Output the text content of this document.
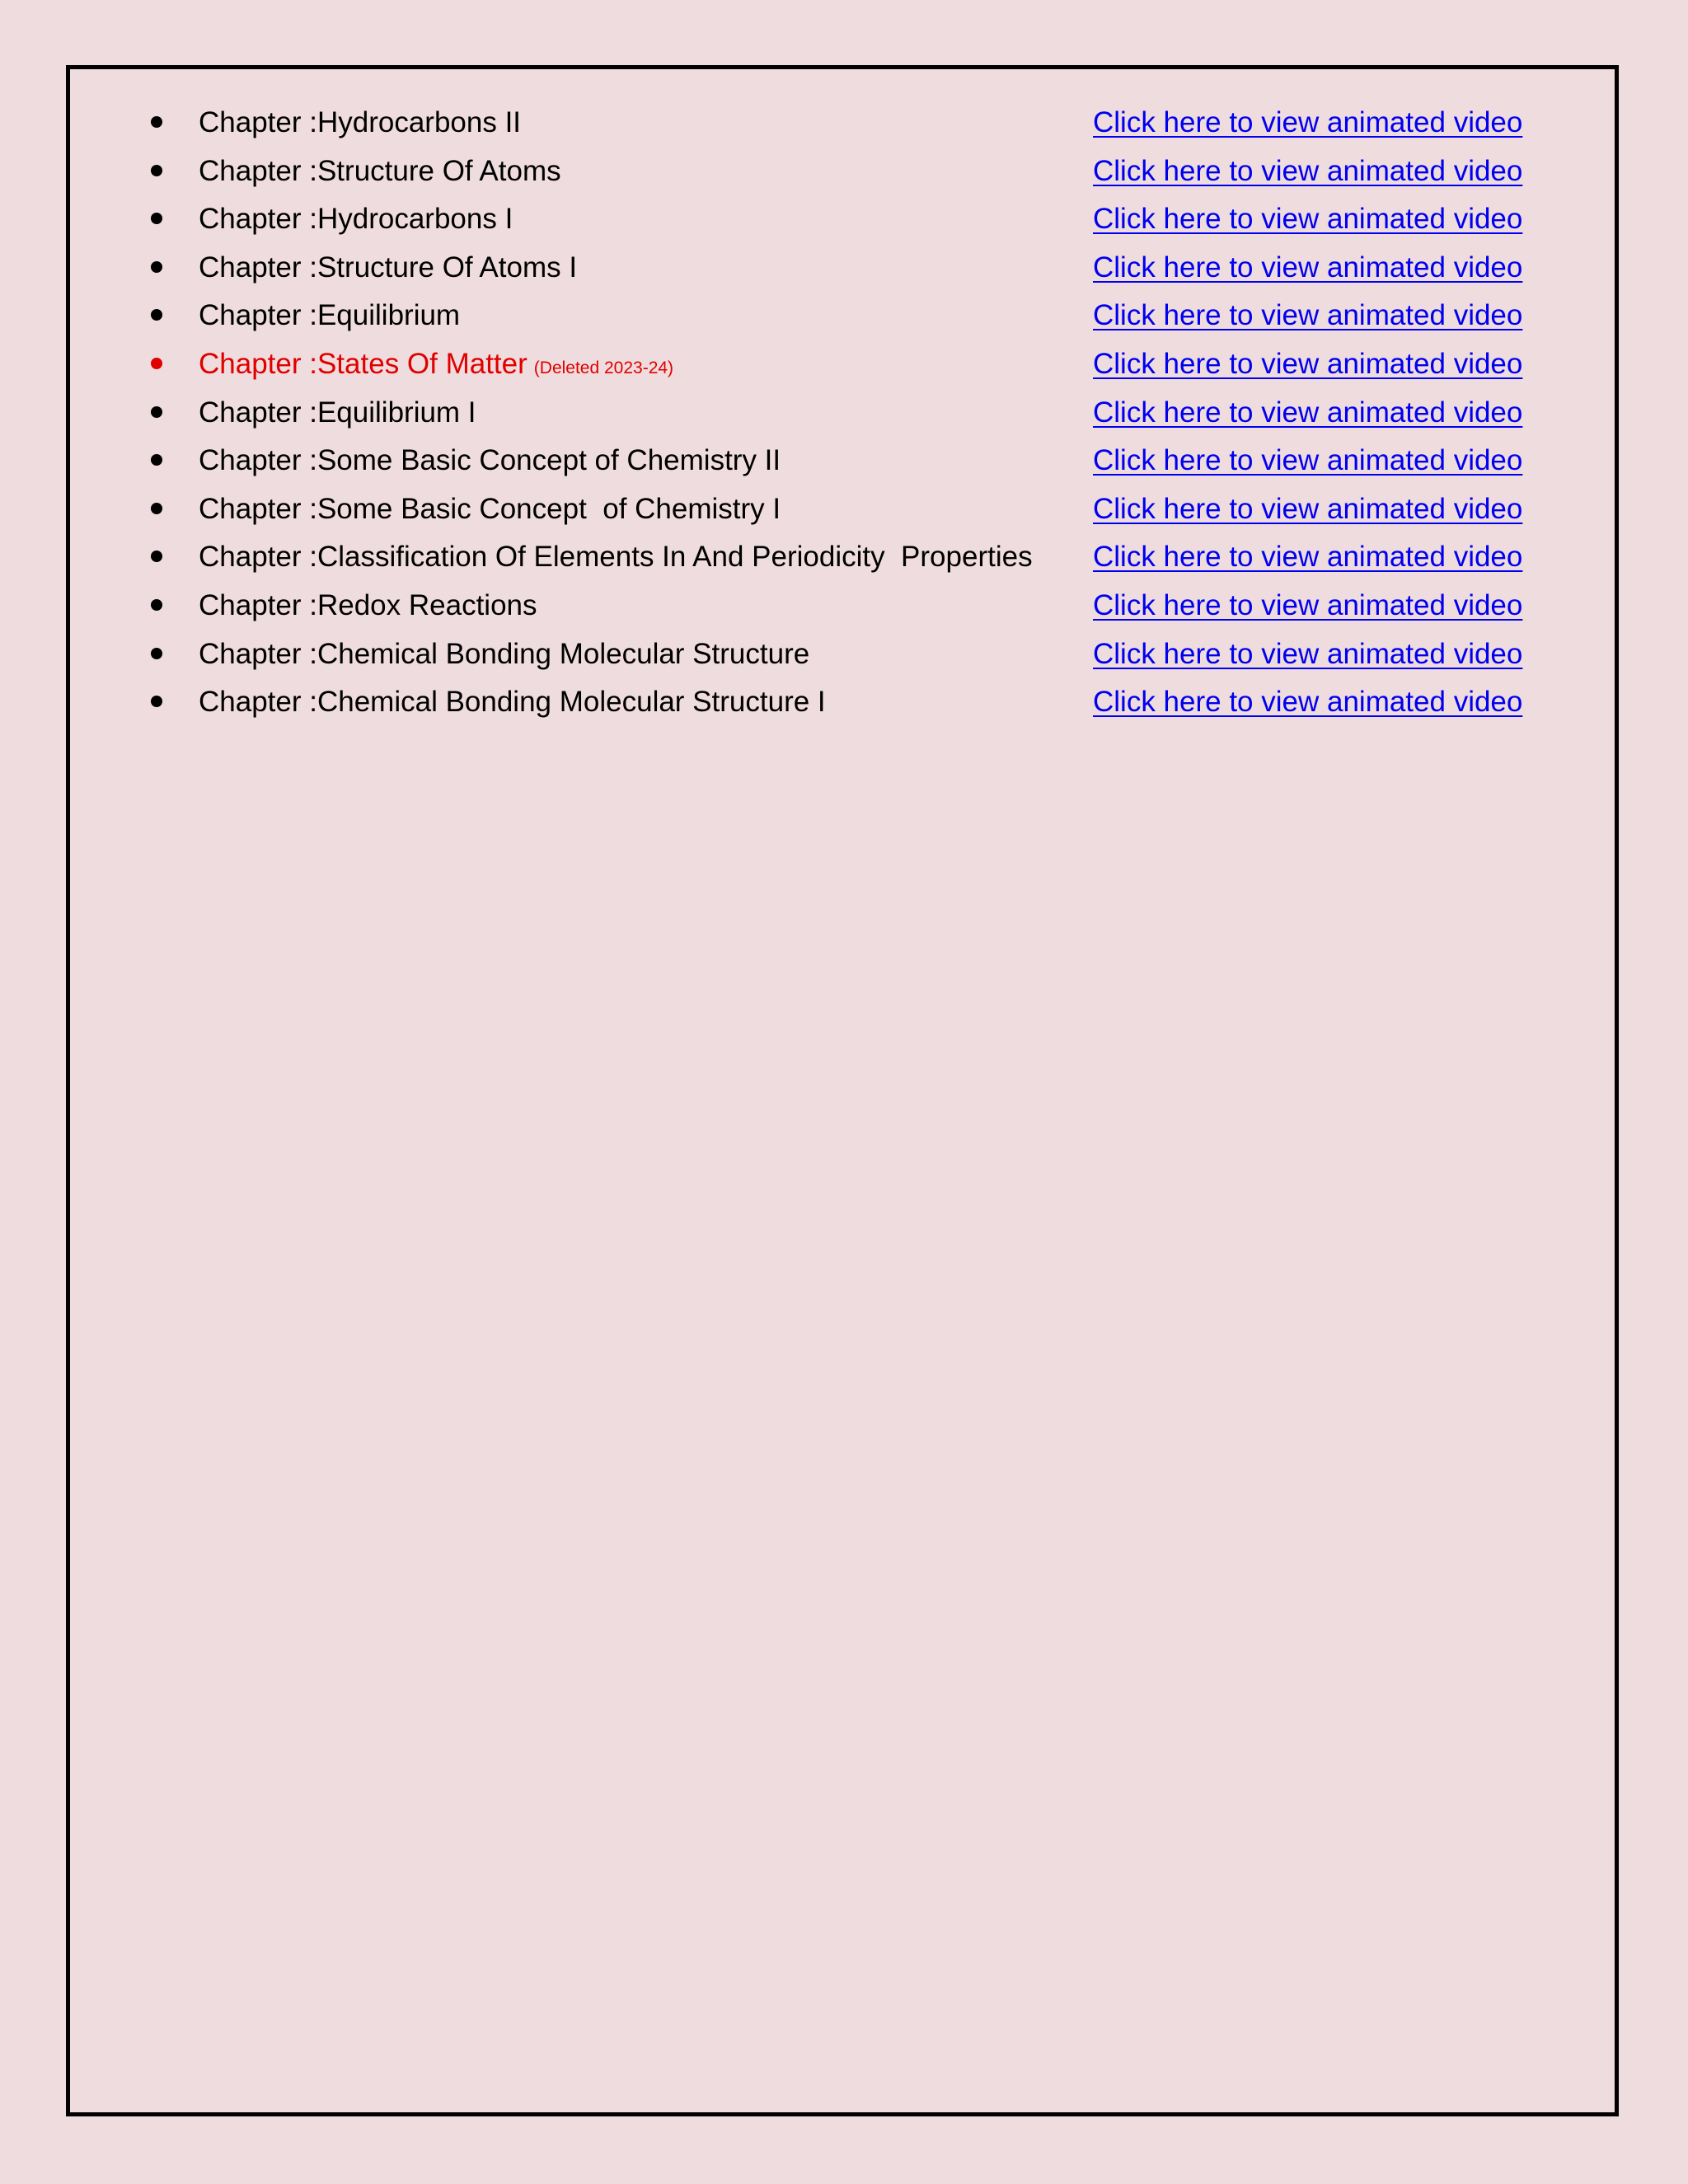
Chapter :Hydrocarbons II	Click here to view animated video
Chapter :Structure Of Atoms	Click here to view animated video
Chapter :Hydrocarbons I	Click here to view animated video
Chapter :Structure Of Atoms I	Click here to view animated video
Chapter :Equilibrium	Click here to view animated video
Chapter :States Of Matter (Deleted 2023-24)	Click here to view animated video
Chapter :Equilibrium I	Click here to view animated video
Chapter :Some Basic Concept of Chemistry II	Click here to view animated video
Chapter :Some Basic Concept  of Chemistry I	Click here to view animated video
Chapter :Classification Of Elements In And Periodicity  Properties Click here to view animated video
Chapter :Redox Reactions	Click here to view animated video
Chapter :Chemical Bonding Molecular Structure	Click here to view animated video
Chapter :Chemical Bonding Molecular Structure I	Click here to view animated video
